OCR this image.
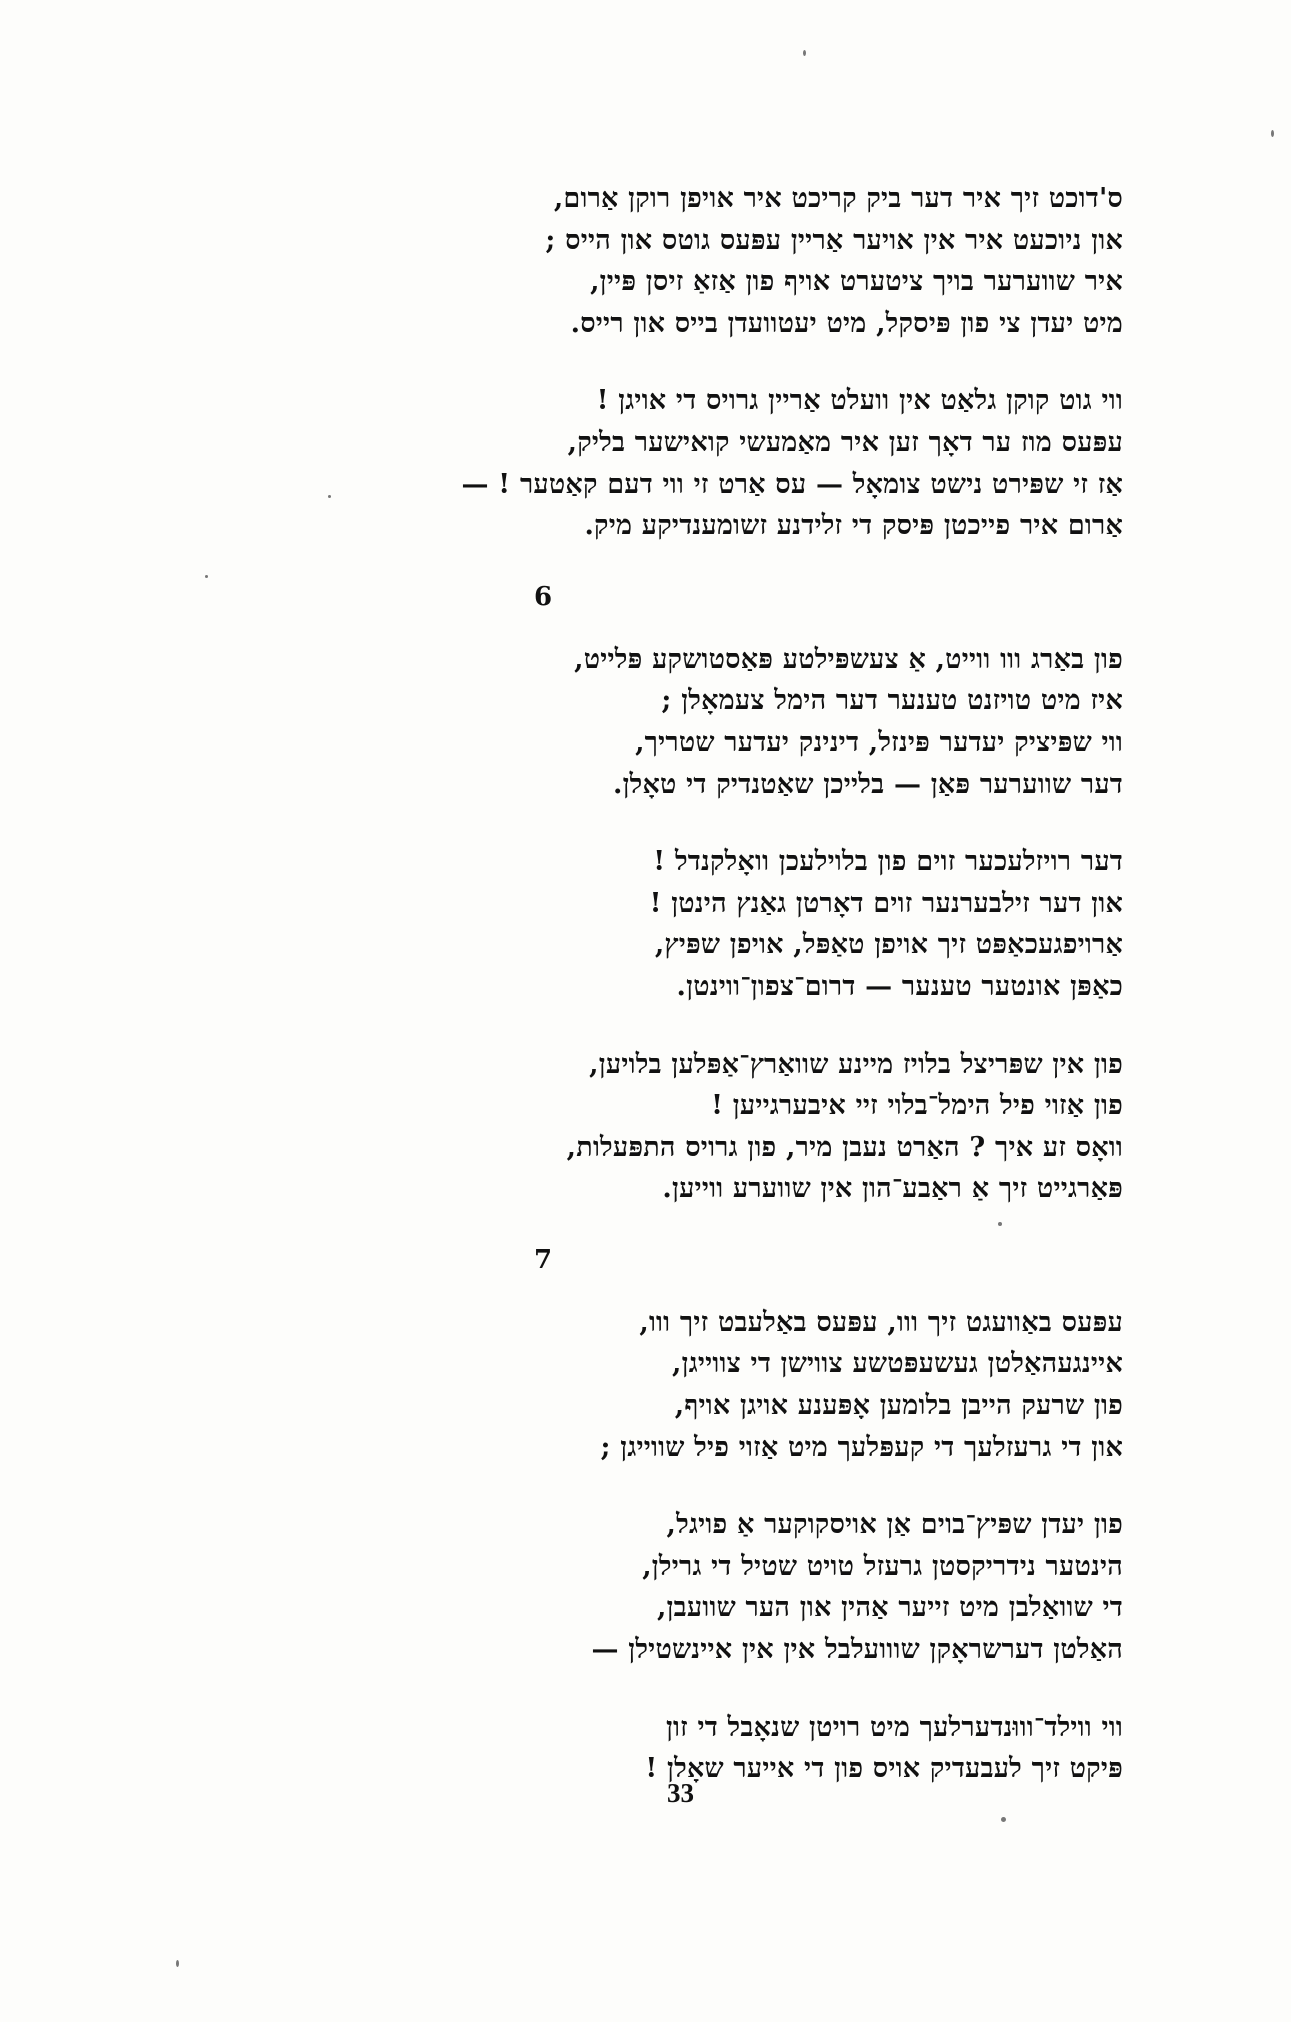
ס'דוכט זיך איר דער ביק קריכט איר אויפן רוקן אַרום,
און ניוכעט איר אין אויער אַריין עפּעס גוטס און הייס ;
איר שווערער בויך ציטערט אויף פון אַזאַ זיסן פּיין,
מיט יעדן צי פון פּיסקל, מיט יעטוועדן בייס און רייס.
ווי גוט קוקן גלאַט אין וועלט אַריין גרויס די אויגן !
עפּעס מוז ער דאָך זען איר מאַמעשי קואישער בליק,
אַז זי שפּירט נישט צומאָל — עס אַרט זי ווי דעם קאַטער ! —
אַרום איר פייכטן פּיסק די זלידנע זשומענדיקע מיק.
6
פון באַרג ווו ווייט, אַ צעשפּילטע פּאַסטושקע פּלייט,
איז מיט טויזנט טענער דער הימל צעמאָלן ;
ווי שפּיציק יעדער פּינזל, דינינק יעדער שטריך,
דער שווערער פּאַן — בלייכן שאַטנדיק די טאָלן.
דער רויזלעכער זוים פון בלוילעכן וואָלקנדל !
און דער זילבערנער זוים דאָרטן גאַנץ הינטן !
אַרויפגעכאַפּט זיך אויפן טאַפּל, אויפן שפּיץ,
כאַפּן אונטער טענער — דרום־צפון־ווינטן.
פון אין שפּריצל בלויז מיינע שוואַרץ־אַפּלען בלויען,
פון אַזוי פיל הימל־בלוי זיי איבערגייען !
וואָס זע איך ? האַרט נעבן מיר, פון גרויס התפּעלות,
פּאַרגייט זיך אַ ראַבע־הון אין שווערע ווייען.
7
עפּעס באַוועגט זיך ווו, עפּעס באַלעבט זיך ווו,
איינגעהאַלטן געשעפּטשע צווישן די צווייגן,
פון שרעק הייבן בלומען אָפּענע אויגן אויף,
און די גרעזלעך די קעפּלעך מיט אַזוי פיל שווייגן ;
פון יעדן שפּיץ־בוים אַן אויסקוקער אַ פויגל,
הינטער נידריקסטן גרעזל טויט שטיל די גרילן,
די שוואַלבן מיט זייער אַהין און הער שוועבן,
האַלטן דערשראָקן שווועלבל אין אין איינשטילן —
ווי ווילד־וווּנדערלעך מיט רויטן שנאָבל די זון
פּיקט זיך לעבעדיק אויס פון די אייער שאָלן !
33
